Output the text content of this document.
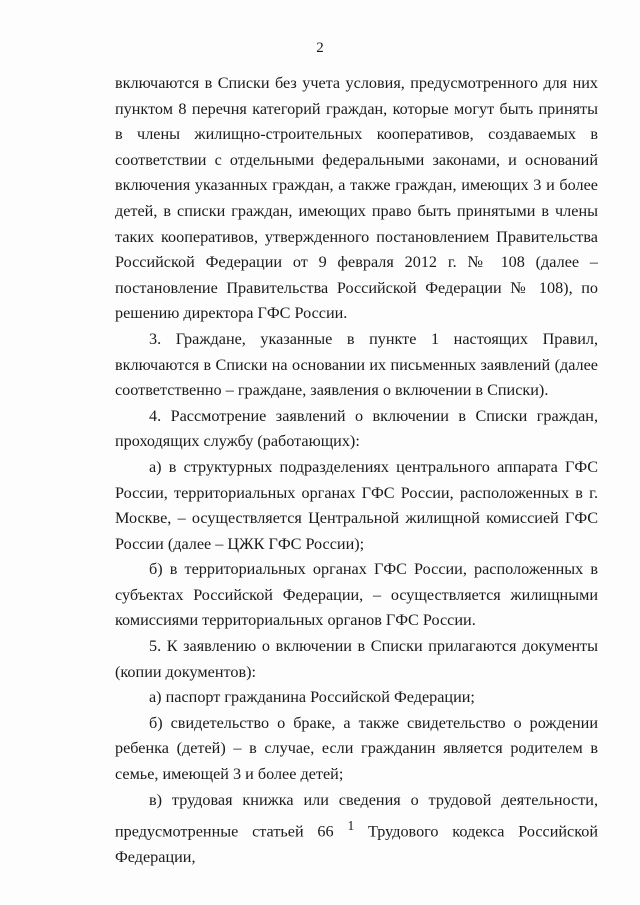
2

включаются в Списки без учета условия, предусмотренного для них пунктом 8 перечня категорий граждан, которые могут быть приняты в члены жилищно-строительных кооперативов, создаваемых в соответствии с отдельными федеральными законами, и оснований включения указанных граждан, а также граждан, имеющих 3 и более детей, в списки граждан, имеющих право быть принятыми в члены таких кооперативов, утвержденного постановлением Правительства Российской Федерации от 9 февраля 2012 г. № 108 (далее – постановление Правительства Российской Федерации № 108), по решению директора ГФС России.

3. Граждане, указанные в пункте 1 настоящих Правил, включаются в Списки на основании их письменных заявлений (далее соответственно – граждане, заявления о включении в Списки).

4. Рассмотрение заявлений о включении в Списки граждан, проходящих службу (работающих):

а) в структурных подразделениях центрального аппарата ГФС России, территориальных органах ГФС России, расположенных в г. Москве, – осуществляется Центральной жилищной комиссией ГФС России (далее – ЦЖК ГФС России);

б) в территориальных органах ГФС России, расположенных в субъектах Российской Федерации, – осуществляется жилищными комиссиями территориальных органов ГФС России.

5. К заявлению о включении в Списки прилагаются документы (копии документов):

а) паспорт гражданина Российской Федерации;

б) свидетельство о браке, а также свидетельство о рождении ребенка (детей) – в случае, если гражданин является родителем в семье, имеющей 3 и более детей;

в) трудовая книжка или сведения о трудовой деятельности, предусмотренные статьей 66 $^1$ Трудового кодекса Российской Федерации,
